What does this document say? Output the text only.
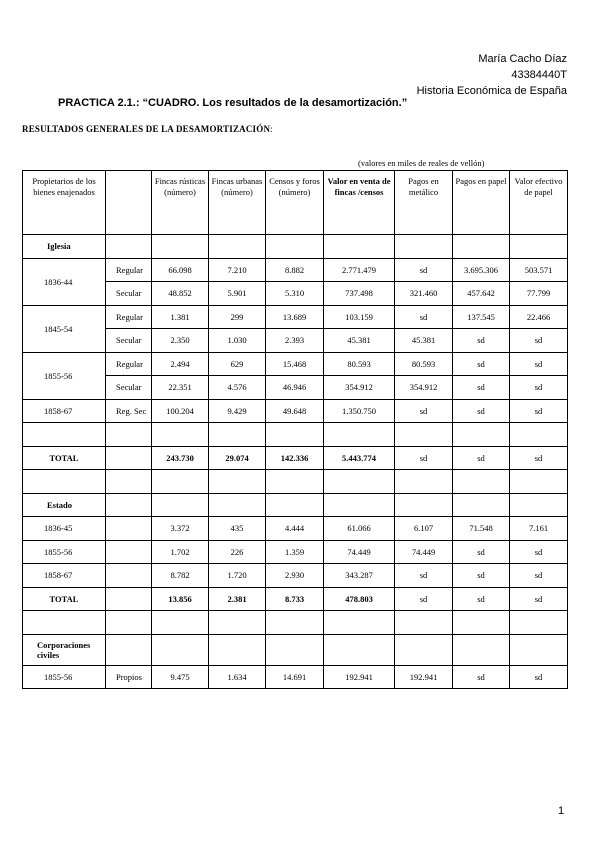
María Cacho Díaz
43384440T
Historia Económica de España
PRACTICA 2.1.: “CUADRO. Los resultados de la desamortización.”
RESULTADOS GENERALES DE LA DESAMORTIZACIÓN:
(valores en miles de reales de vellón)
Propietarios de los bienes enajenados		Fincas rústicas (número)	Fincas urbanas (número)	Censos y foros (número)	Valor en venta de fincas /censos	Pagos en metálico	Pagos en papel	Valor efectivo de papel
Iglesia								
1836-44	Regular	66.098	7.210	8.882	2.771.479	sd	3.695.306	503.571
	Secular	48.852	5.901	5.310	737.498	321.460	457.642	77.799
1845-54	Regular	1.381	299	13.689	103.159	sd	137.545	22.466
	Secular	2.350	1.030	2.393	45.381	45.381	sd	sd
1855-56	Regular	2.494	629	15.468	80.593	80.593	sd	sd
	Secular	22.351	4.576	46.946	354.912	354.912	sd	sd
1858-67	Reg. Sec	100.204	9.429	49.648	1.350.750	sd	sd	sd

TOTAL		243.730	29.074	142.336	5.443.774	sd	sd	sd

Estado								
1836-45		3.372	435	4.444	61.066	6.107	71.548	7.161
1855-56		1.702	226	1.359	74.449	74.449	sd	sd
1858-67		8.782	1.720	2.930	343.287	sd	sd	sd
TOTAL		13.856	2.381	8.733	478.803	sd	sd	sd

Corporaciones civiles								
1855-56	Propios	9.475	1.634	14.691	192.941	192.941	sd	sd
1
